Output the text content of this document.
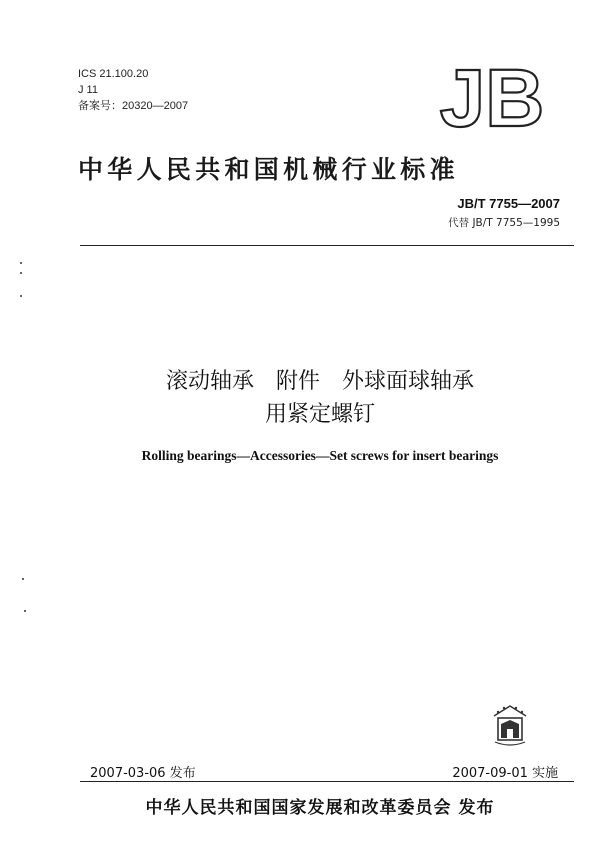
ICS 21.100.20
J 11
备案号：20320—2007	JB
中华人民共和国机械行业标准
JB/T 7755—2007
代替 JB/T 7755—1995
滚动轴承　附件　外球面球轴承
用紧定螺钉
Rolling bearings—Accessories—Set screws for insert bearings
2007-03-06 发布	2007-09-01 实施
中华人民共和国国家发展和改革委员会 发布
